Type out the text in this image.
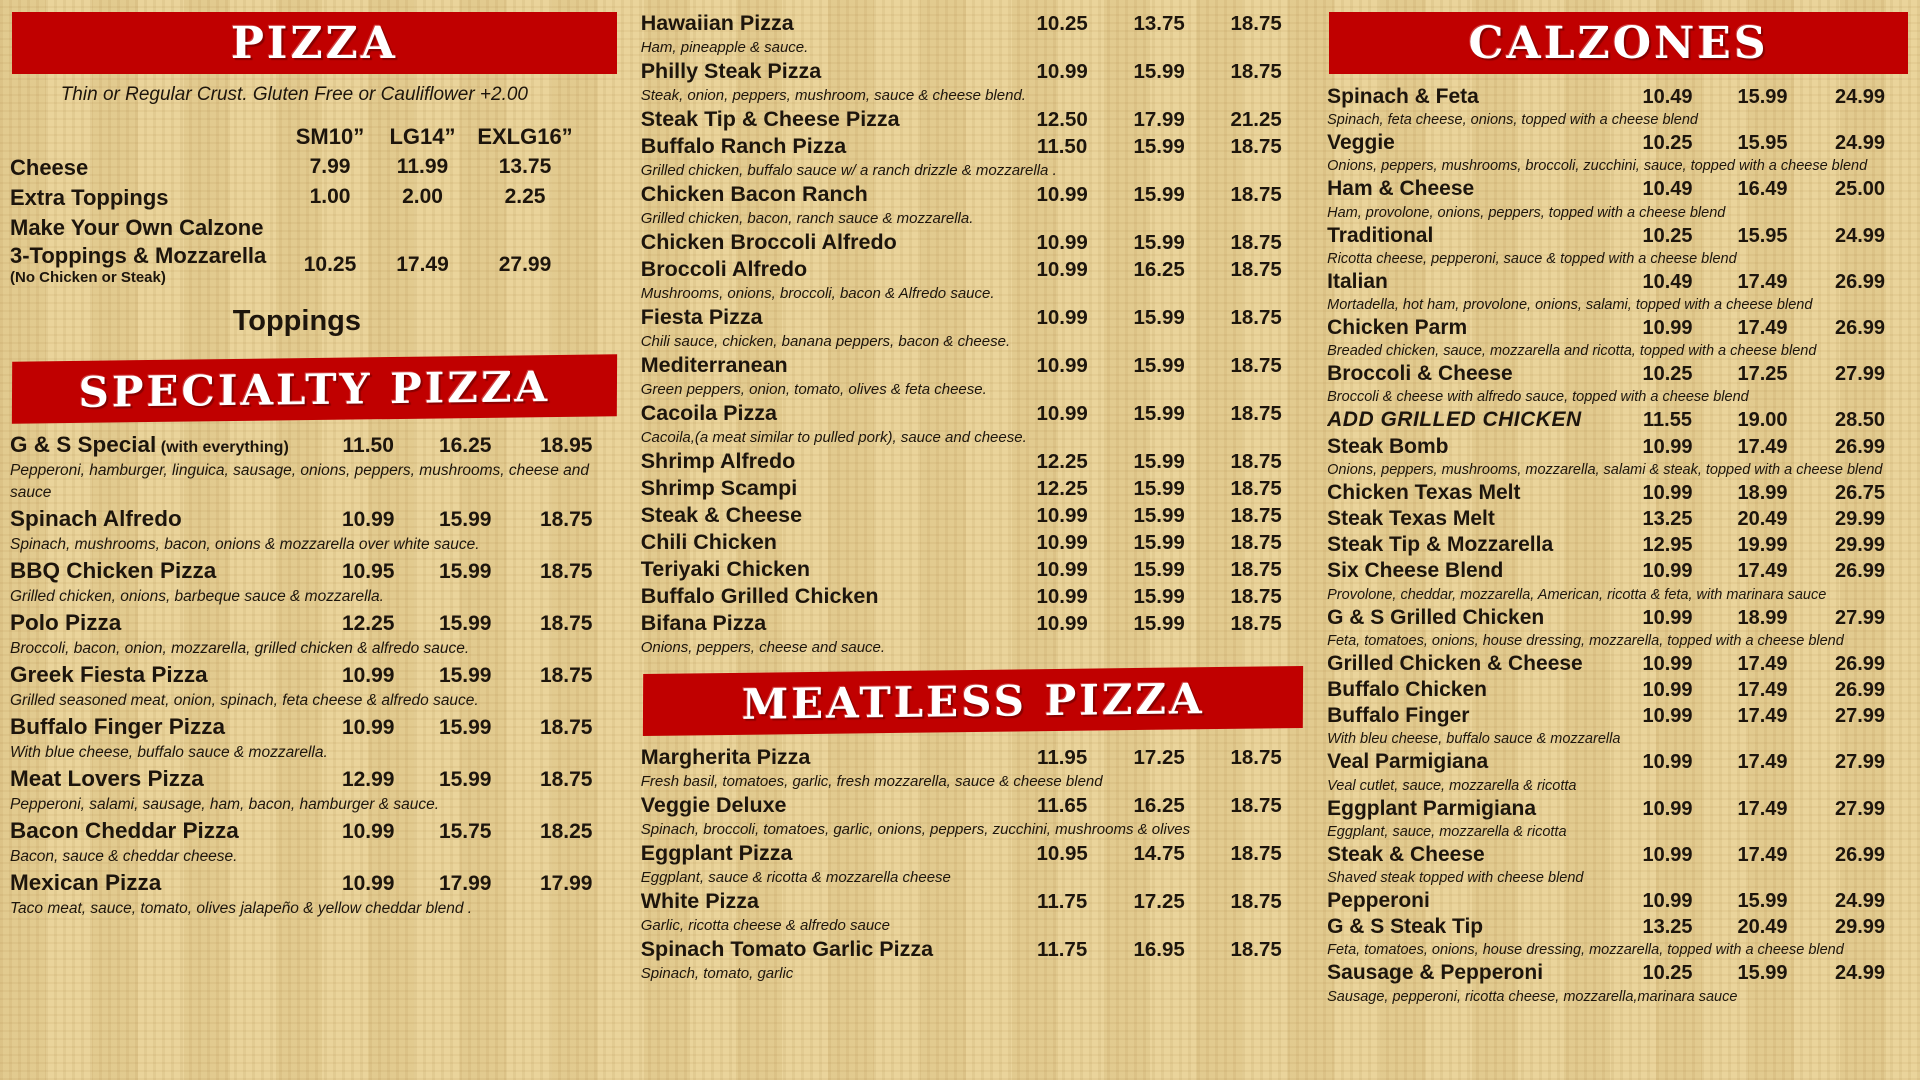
PIZZA
Thin or Regular Crust. Gluten Free or Cauliflower +2.00
SM10”	LG14” EXLG16”
Cheese	7.99	11.99	13.75
Extra Toppings	1.00	2.00	2.25
Make Your Own Calzone
3-Toppings & Mozzarella (No Chicken or Steak)
10.25	17.49	27.99
Toppings
SPECIALTY PIZZA
G & S Special (with everything)	11.50	16.25	18.95
Pepperoni, hamburger, linguica, sausage, onions, peppers, mushrooms, cheese and sauce
Spinach Alfredo	10.99	15.99	18.75
Spinach, mushrooms, bacon, onions & mozzarella over white sauce.
BBQ Chicken Pizza	10.95	15.99	18.75
Grilled chicken, onions, barbeque sauce & mozzarella.
Polo Pizza	12.25	15.99	18.75
Broccoli, bacon, onion, mozzarella, grilled chicken & alfredo sauce.
Greek Fiesta Pizza	10.99	15.99	18.75
Grilled seasoned meat, onion, spinach, feta cheese & alfredo sauce.
Buffalo Finger Pizza	10.99	15.99	18.75
With blue cheese, buffalo sauce & mozzarella.
Meat Lovers Pizza	12.99	15.99	18.75
Pepperoni, salami, sausage, ham, bacon, hamburger & sauce.
Bacon Cheddar Pizza	10.99	15.75	18.25
Bacon, sauce & cheddar cheese.
Mexican Pizza	10.99	17.99	17.99
Taco meat, sauce, tomato, olives jalapeño & yellow cheddar blend .
Hawaiian Pizza	10.25	13.75	18.75
Ham, pineapple & sauce.
Philly Steak Pizza	10.99	15.99	18.75
Steak, onion, peppers, mushroom, sauce & cheese blend.
Steak Tip & Cheese Pizza	12.50	17.99	21.25
Buffalo Ranch Pizza	11.50	15.99	18.75
Grilled chicken, buffalo sauce w/ a ranch drizzle & mozzarella .
Chicken Bacon Ranch	10.99	15.99	18.75
Grilled chicken, bacon, ranch sauce & mozzarella.
Chicken Broccoli Alfredo	10.99	15.99	18.75
Broccoli Alfredo	10.99	16.25	18.75
Mushrooms, onions, broccoli, bacon & Alfredo sauce.
Fiesta Pizza	10.99	15.99	18.75
Chili sauce, chicken, banana peppers, bacon & cheese.
Mediterranean	10.99	15.99	18.75
Green peppers, onion, tomato, olives & feta cheese.
Cacoila Pizza	10.99	15.99	18.75
Cacoila,(a meat similar to pulled pork), sauce and cheese.
Shrimp Alfredo	12.25	15.99	18.75
Shrimp Scampi	12.25	15.99	18.75
Steak & Cheese	10.99	15.99	18.75
Chili Chicken	10.99	15.99	18.75
Teriyaki Chicken	10.99	15.99	18.75
Buffalo Grilled Chicken	10.99	15.99	18.75
Bifana Pizza	10.99	15.99	18.75
Onions, peppers, cheese and sauce.
MEATLESS PIZZA
Margherita Pizza	11.95	17.25	18.75
Fresh basil, tomatoes, garlic, fresh mozzarella, sauce & cheese blend
Veggie Deluxe	11.65	16.25	18.75
Spinach, broccoli, tomatoes, garlic, onions, peppers, zucchini, mushrooms & olives
Eggplant Pizza	10.95	14.75	18.75
Eggplant, sauce & ricotta & mozzarella cheese
White Pizza	11.75	17.25	18.75
Garlic, ricotta cheese & alfredo sauce
Spinach Tomato Garlic Pizza	11.75	16.95	18.75
Spinach, tomato, garlic
CALZONES
Spinach & Feta	10.49	15.99	24.99
Spinach, feta cheese, onions, topped with a cheese blend
Veggie	10.25	15.95	24.99
Onions, peppers, mushrooms, broccoli, zucchini, sauce, topped with a cheese blend
Ham & Cheese	10.49	16.49	25.00
Ham, provolone, onions, peppers, topped with a cheese blend
Traditional	10.25	15.95	24.99
Ricotta cheese, pepperoni, sauce & topped with a cheese blend
Italian	10.49	17.49	26.99
Mortadella, hot ham, provolone, onions, salami, topped with a cheese blend
Chicken Parm	10.99	17.49	26.99
Breaded chicken, sauce, mozzarella and ricotta, topped with a cheese blend
Broccoli & Cheese	10.25	17.25	27.99
Broccoli & cheese with alfredo sauce, topped with a cheese blend
ADD GRILLED CHICKEN	11.55	19.00	28.50
Steak Bomb	10.99	17.49	26.99
Onions, peppers, mushrooms, mozzarella, salami & steak, topped with a cheese blend
Chicken Texas Melt	10.99	18.99	26.75
Steak Texas Melt	13.25	20.49	29.99
Steak Tip & Mozzarella	12.95	19.99	29.99
Six Cheese Blend	10.99	17.49	26.99
Provolone, cheddar, mozzarella, American, ricotta & feta, with marinara sauce
G & S Grilled Chicken	10.99	18.99	27.99
Feta, tomatoes, onions, house dressing, mozzarella, topped with a cheese blend
Grilled Chicken & Cheese	10.99	17.49	26.99
Buffalo Chicken	10.99	17.49	26.99
Buffalo Finger	10.99	17.49	27.99
With bleu cheese, buffalo sauce & mozzarella
Veal Parmigiana	10.99	17.49	27.99
Veal cutlet, sauce, mozzarella & ricotta
Eggplant Parmigiana	10.99	17.49	27.99
Eggplant, sauce, mozzarella & ricotta
Steak & Cheese	10.99	17.49	26.99
Shaved steak topped with cheese blend
Pepperoni	10.99	15.99	24.99
G & S Steak Tip	13.25	20.49	29.99
Feta, tomatoes, onions, house dressing, mozzarella, topped with a cheese blend
Sausage & Pepperoni	10.25	15.99	24.99
Sausage, pepperoni, ricotta cheese, mozzarella,marinara sauce
